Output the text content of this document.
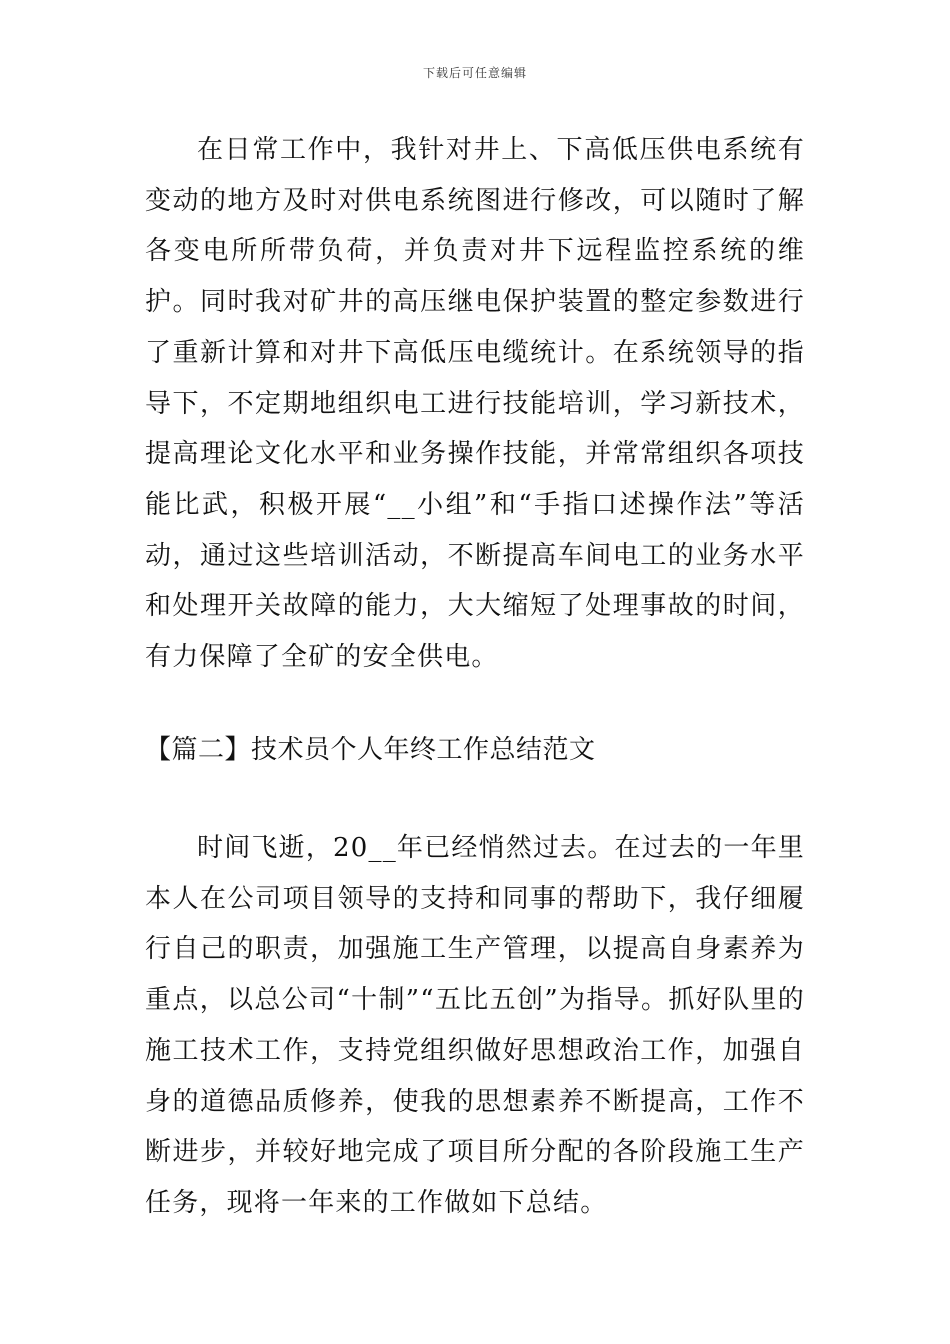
下载后可任意编辑

在日常工作中，我针对井上、下高低压供电系统有变动的地方及时对供电系统图进行修改，可以随时了解各变电所所带负荷，并负责对井下远程监控系统的维护。同时我对矿井的高压继电保护装置的整定参数进行了重新计算和对井下高低压电缆统计。在系统领导的指导下，不定期地组织电工进行技能培训，学习新技术，提高理论文化水平和业务操作技能，并常常组织各项技能比武，积极开展“__小组”和“手指口述操作法”等活动，通过这些培训活动，不断提高车间电工的业务水平和处理开关故障的能力，大大缩短了处理事故的时间，有力保障了全矿的安全供电。

【篇二】技术员个人年终工作总结范文

时间飞逝，20__年已经悄然过去。在过去的一年里本人在公司项目领导的支持和同事的帮助下，我仔细履行自己的职责，加强施工生产管理，以提高自身素养为重点，以总公司“十制”“五比五创”为指导。抓好队里的施工技术工作，支持党组织做好思想政治工作，加强自身的道德品质修养，使我的思想素养不断提高，工作不断进步，并较好地完成了项目所分配的各阶段施工生产任务，现将一年来的工作做如下总结。
